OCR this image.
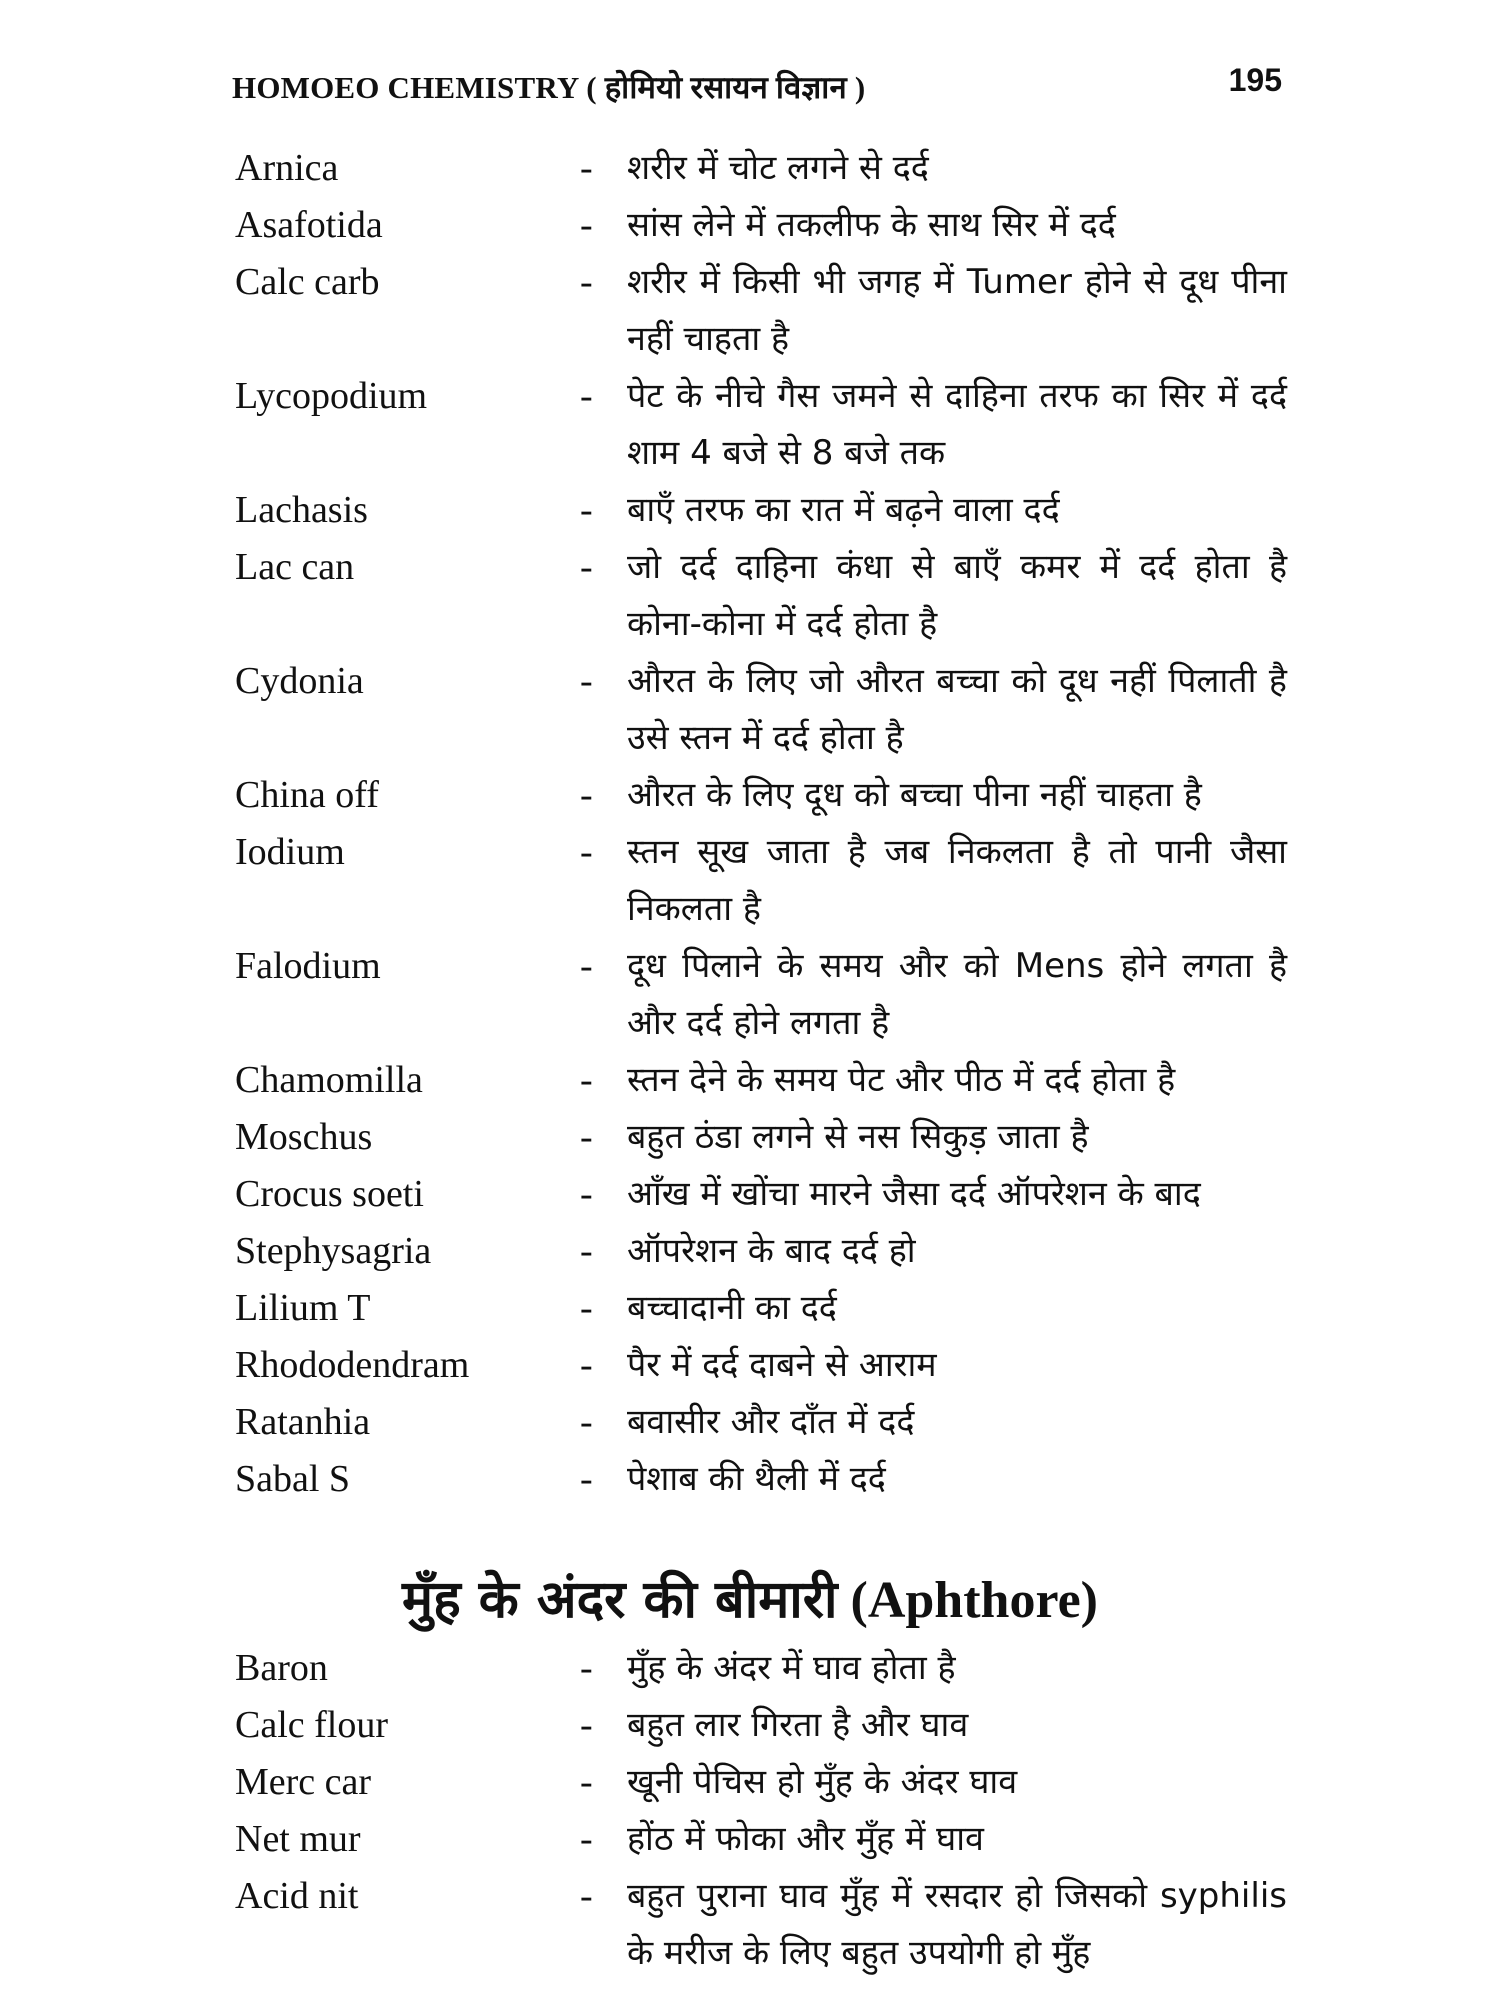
HOMOEO CHEMISTRY ( होमियो रसायन विज्ञान )	195
Arnica	- शरीर में चोट लगने से दर्द
Asafotida	- सांस लेने में तकलीफ के साथ सिर में दर्द
Calc carb	- शरीर में किसी भी जगह में Tumer होने से दूध पीना नहीं चाहता है
Lycopodium	- पेट के नीचे गैस जमने से दाहिना तरफ का सिर में दर्द शाम 4 बजे से 8 बजे तक
Lachasis	- बाएँ तरफ का रात में बढ़ने वाला दर्द
Lac can	- जो दर्द दाहिना कंधा से बाएँ कमर में दर्द होता है कोना-कोना में दर्द होता है
Cydonia	- औरत के लिए जो औरत बच्चा को दूध नहीं पिलाती है उसे स्तन में दर्द होता है
China off	- औरत के लिए दूध को बच्चा पीना नहीं चाहता है
Iodium	- स्तन सूख जाता है जब निकलता है तो पानी जैसा निकलता है
Falodium	- दूध पिलाने के समय और को Mens होने लगता है और दर्द होने लगता है
Chamomilla	- स्तन देने के समय पेट और पीठ में दर्द होता है
Moschus	- बहुत ठंडा लगने से नस सिकुड़ जाता है
Crocus soeti	- आँख में खोंचा मारने जैसा दर्द ऑपरेशन के बाद
Stephysagria	- ऑपरेशन के बाद दर्द हो
Lilium T	- बच्चादानी का दर्द
Rhododendram	- पैर में दर्द दाबने से आराम
Ratanhia	- बवासीर और दाँत में दर्द
Sabal S	- पेशाब की थैली में दर्द
मुँह के अंदर की बीमारी (Aphthore)
Baron	- मुँह के अंदर में घाव होता है
Calc flour	- बहुत लार गिरता है और घाव
Merc car	- खूनी पेचिस हो मुँह के अंदर घाव
Net mur	- होंठ में फोका और मुँह में घाव
Acid nit	- बहुत पुराना घाव मुँह में रसदार हो जिसको syphilis के मरीज के लिए बहुत उपयोगी हो मुँह
